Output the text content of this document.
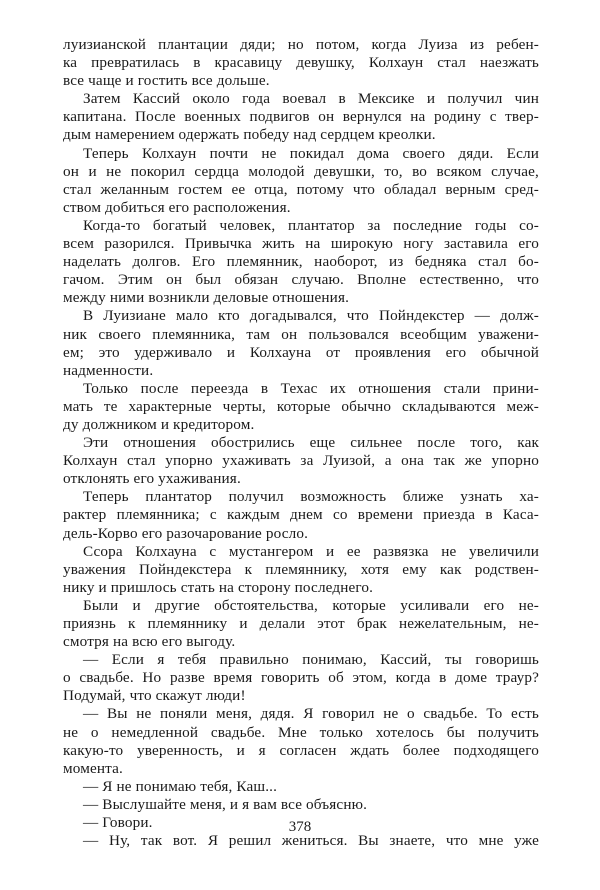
луизианской плантации дяди; но потом, когда Луиза из ребен-
ка превратилась в красавицу девушку, Колхаун стал наезжать
все чаще и гостить все дольше.
Затем Кассий около года воевал в Мексике и получил чин
капитана. После военных подвигов он вернулся на родину с твер-
дым намерением одержать победу над сердцем креолки.
Теперь Колхаун почти не покидал дома своего дяди. Если
он и не покорил сердца молодой девушки, то, во всяком случае,
стал желанным гостем ее отца, потому что обладал верным сред-
ством добиться его расположения.
Когда-то богатый человек, плантатор за последние годы со-
всем разорился. Привычка жить на широкую ногу заставила его
наделать долгов. Его племянник, наоборот, из бедняка стал бо-
гачом. Этим он был обязан случаю. Вполне естественно, что
между ними возникли деловые отношения.
В Луизиане мало кто догадывался, что Пойндекстер — долж-
ник своего племянника, там он пользовался всеобщим уважени-
ем; это удерживало и Колхауна от проявления его обычной
надменности.
Только после переезда в Техас их отношения стали прини-
мать те характерные черты, которые обычно складываются меж-
ду должником и кредитором.
Эти отношения обострились еще сильнее после того, как
Колхаун стал упорно ухаживать за Луизой, а она так же упорно
отклонять его ухаживания.
Теперь плантатор получил возможность ближе узнать ха-
рактер племянника; с каждым днем со времени приезда в Каса-
дель-Корво его разочарование росло.
Ссора Колхауна с мустангером и ее развязка не увеличили
уважения Пойндекстера к племяннику, хотя ему как родствен-
нику и пришлось стать на сторону последнего.
Были и другие обстоятельства, которые усиливали его не-
приязнь к племяннику и делали этот брак нежелательным, не-
смотря на всю его выгоду.
— Если я тебя правильно понимаю, Кассий, ты говоришь
о свадьбе. Но разве время говорить об этом, когда в доме траур?
Подумай, что скажут люди!
— Вы не поняли меня, дядя. Я говорил не о свадьбе. То есть
не о немедленной свадьбе. Мне только хотелось бы получить
какую-то уверенность, и я согласен ждать более подходящего
момента.
— Я не понимаю тебя, Каш...
— Выслушайте меня, и я вам все объясню.
— Говори.
— Ну, так вот. Я решил жениться. Вы знаете, что мне уже
378
